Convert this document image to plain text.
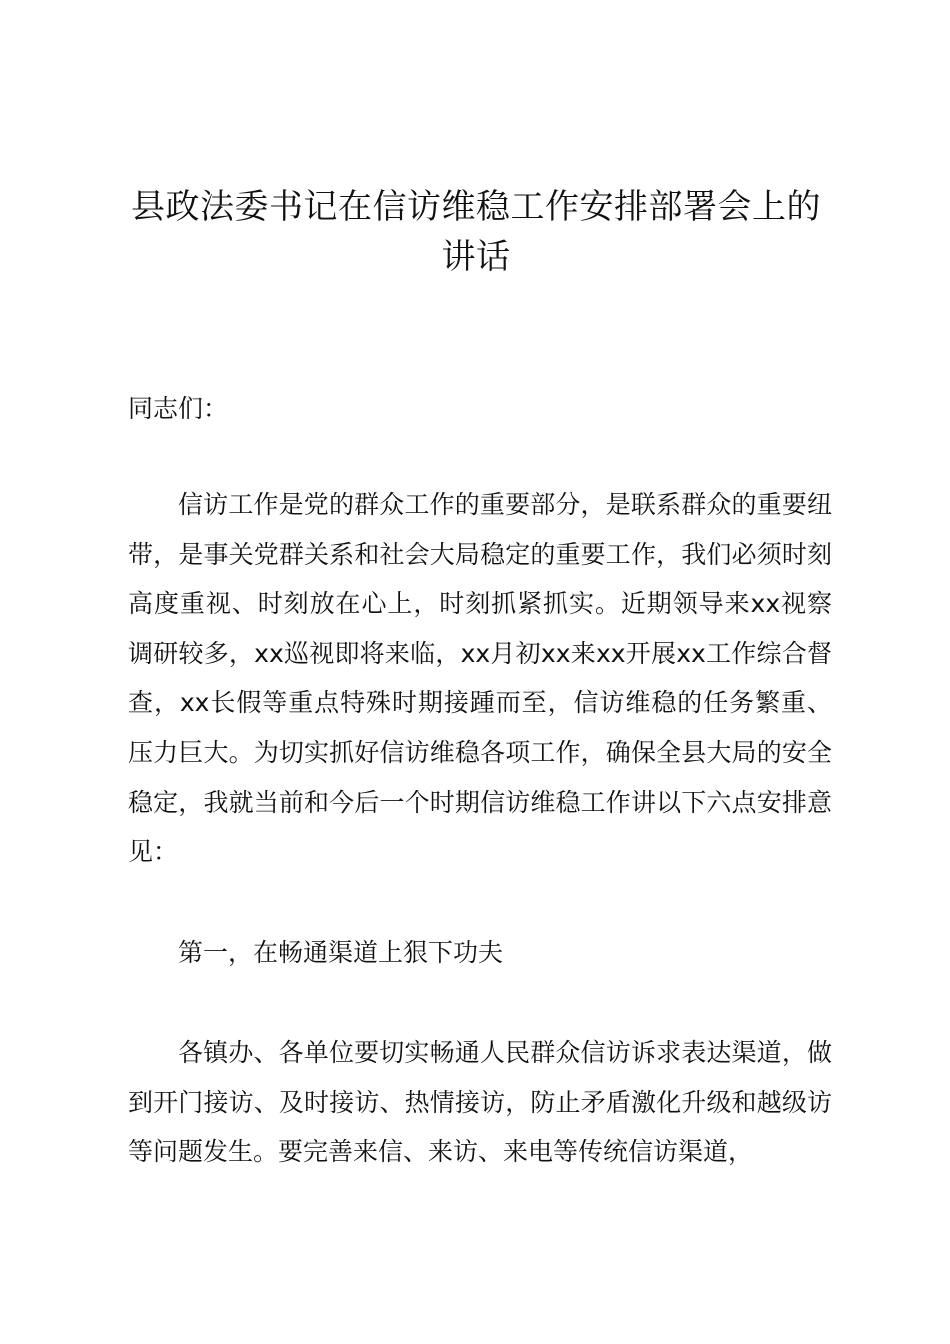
县政法委书记在信访维稳工作安排部署会上的讲话

同志们：

信访工作是党的群众工作的重要部分，是联系群众的重要纽带，是事关党群关系和社会大局稳定的重要工作，我们必须时刻高度重视、时刻放在心上，时刻抓紧抓实。近期领导来xx视察调研较多，xx巡视即将来临，xx月初xx来xx开展xx工作综合督查，xx长假等重点特殊时期接踵而至，信访维稳的任务繁重、压力巨大。为切实抓好信访维稳各项工作，确保全县大局的安全稳定，我就当前和今后一个时期信访维稳工作讲以下六点安排意见：

第一，在畅通渠道上狠下功夫

各镇办、各单位要切实畅通人民群众信访诉求表达渠道，做到开门接访、及时接访、热情接访，防止矛盾激化升级和越级访等问题发生。要完善来信、来访、来电等传统信访渠道，
